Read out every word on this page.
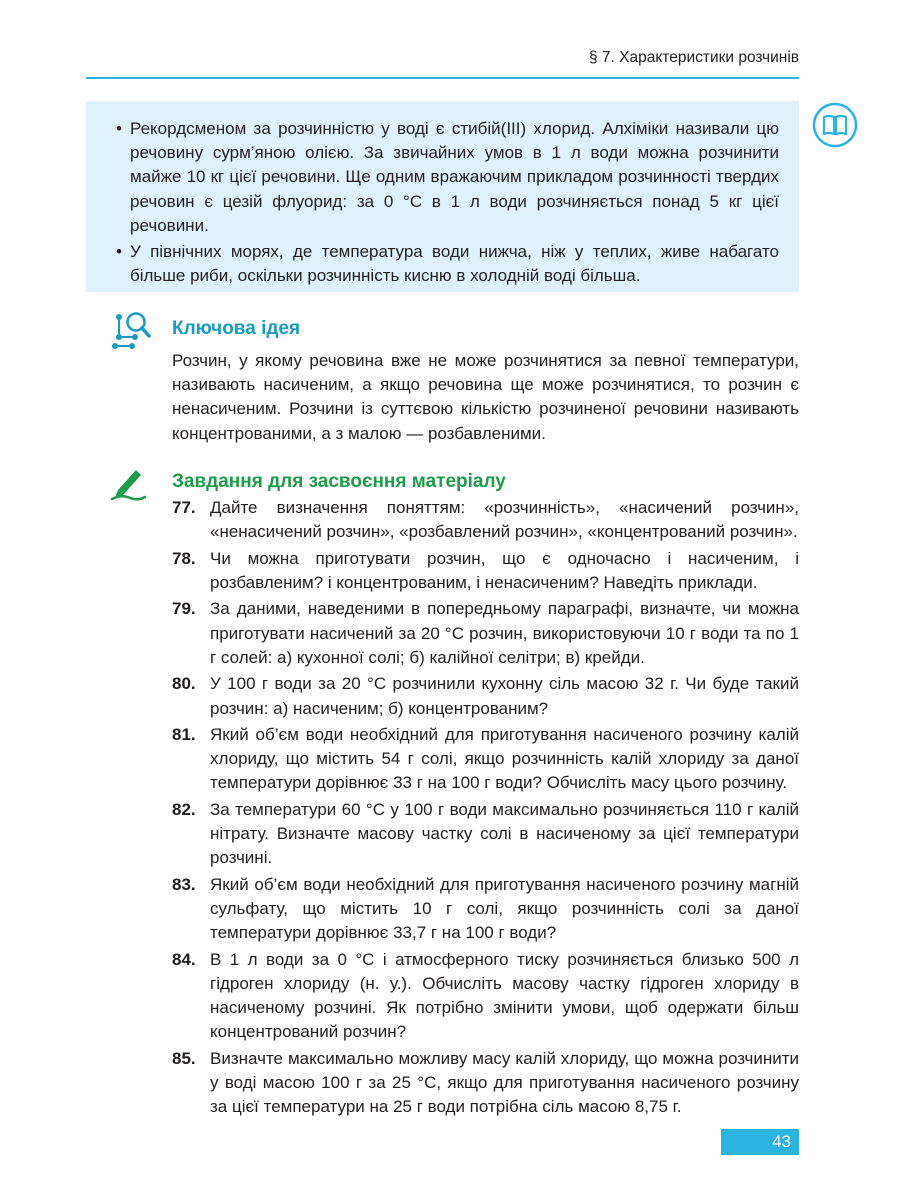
§ 7. Характеристики розчинів
• Рекордсменом за розчинністю у воді є стибій(III) хлорид. Алхіміки називали цю речовину сурм’яною олією. За звичайних умов в 1 л води можна розчинити майже 10 кг цієї речовини. Ще одним вражаючим прикладом розчинності твердих речовин є цезій флуорид: за 0 °C в 1 л води розчиняється понад 5 кг цієї речовини.
• У північних морях, де температура води нижча, ніж у теплих, живе набагато більше риби, оскільки розчинність кисню в холодній воді більша.
Ключова ідея

Розчин, у якому речовина вже не може розчинятися за певної температури, називають насиченим, а якщо речовина ще може розчинятися, то розчин є ненасиченим. Розчини із суттєвою кількістю розчиненої речовини називають концентрованими, а з малою — розбавленими.

Завдання для засвоєння матеріалу
77. Дайте визначення поняттям: «розчинність», «насичений розчин», «ненасичений розчин», «розбавлений розчин», «концентрований розчин».
78. Чи можна приготувати розчин, що є одночасно і насиченим, і розбавленим? і концентрованим, і ненасиченим? Наведіть приклади.
79. За даними, наведеними в попередньому параграфі, визначте, чи можна приготувати насичений за 20 °C розчин, використовуючи 10 г води та по 1 г солей: а) кухонної солі; б) калійної селітри; в) крейди.
80. У 100 г води за 20 °C розчинили кухонну сіль масою 32 г. Чи буде такий розчин: а) насиченим; б) концентрованим?
81. Який об’єм води необхідний для приготування насиченого розчину калій хлориду, що містить 54 г солі, якщо розчинність калій хлориду за даної температури дорівнює 33 г на 100 г води? Обчисліть масу цього розчину.
82. За температури 60 °C у 100 г води максимально розчиняється 110 г калій нітрату. Визначте масову частку солі в насиченому за цієї температури розчині.
83. Який об’єм води необхідний для приготування насиченого розчину магній сульфату, що містить 10 г солі, якщо розчинність солі за даної температури дорівнює 33,7 г на 100 г води?
84. В 1 л води за 0 °C і атмосферного тиску розчиняється близько 500 л гідроген хлориду (н. у.). Обчисліть масову частку гідроген хлориду в насиченому розчині. Як потрібно змінити умови, щоб одержати більш концентрований розчин?
85. Визначте максимально можливу масу калій хлориду, що можна розчинити у воді масою 100 г за 25 °C, якщо для приготування насиченого розчину за цієї температури на 25 г води потрібна сіль масою 8,75 г.
43
